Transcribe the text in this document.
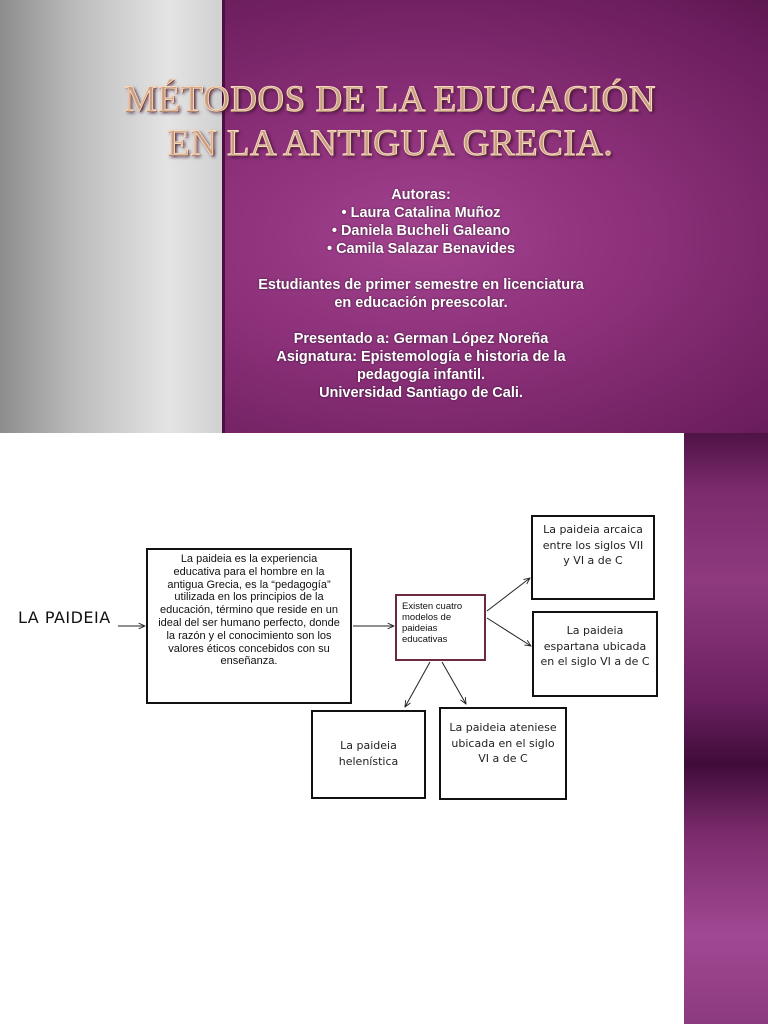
MÉTODOS DE LA EDUCACIÓN
EN LA ANTIGUA GRECIA.
Autoras:
• Laura Catalina Muñoz
• Daniela Bucheli Galeano
• Camila Salazar Benavides
Estudiantes de primer semestre en licenciatura
en educación preescolar.
Presentado a: German López Noreña
Asignatura: Epistemología e historia de la
pedagogía infantil.
Universidad Santiago de Cali.
LA PAIDEIA
La paideia es la experiencia educativa para el hombre en la antigua Grecia, es la “pedagogía” utilizada en los principios de la educación, término que reside en un ideal del ser humano perfecto, donde la razón y el conocimiento son los valores éticos concebidos con su enseñanza.
Existen cuatro modelos de paideias educativas
La paideia arcaica entre los siglos VII y VI a de C
La paideia espartana ubicada en el siglo VI a de C
La paideia helenística
La paideia ateniese ubicada en el siglo VI a de C
